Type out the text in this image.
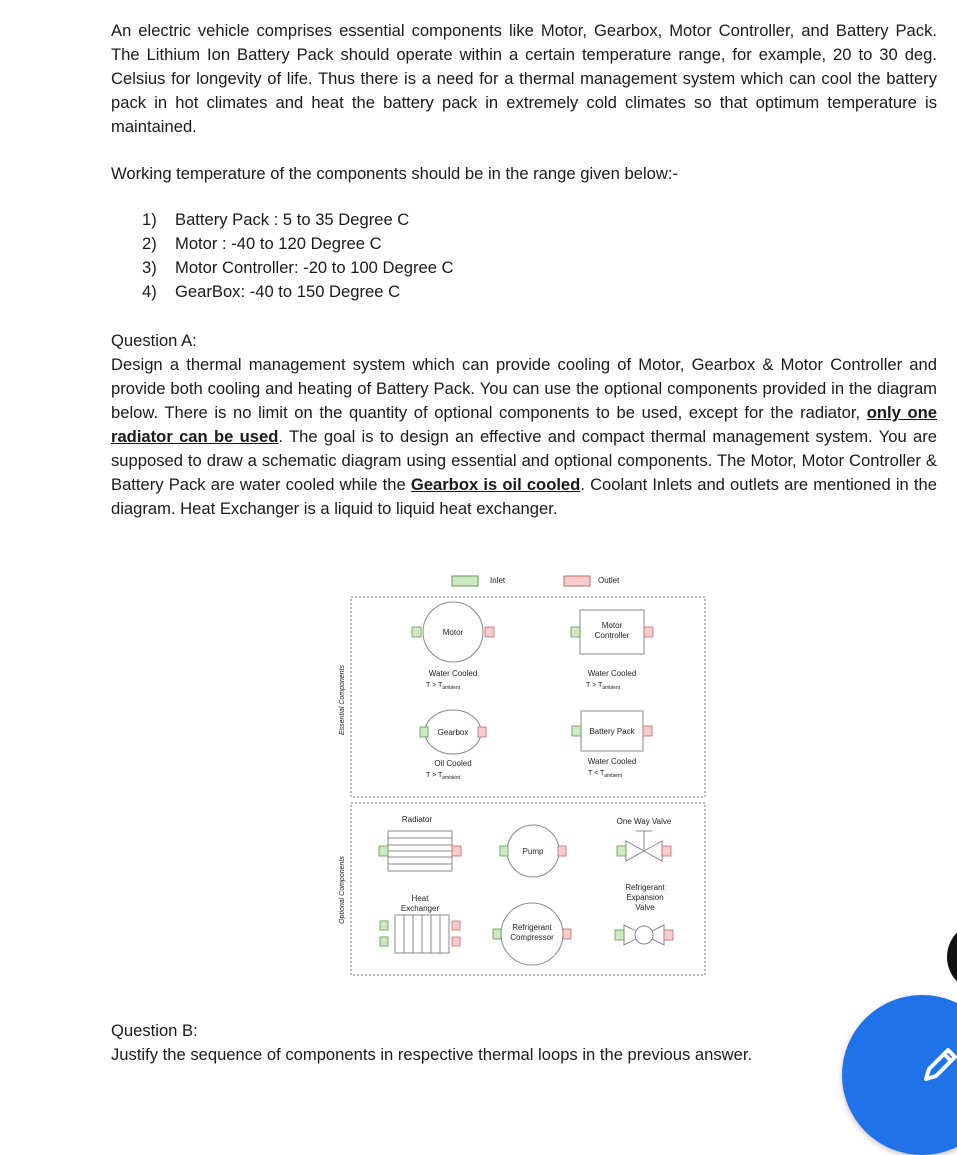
An electric vehicle comprises essential components like Motor, Gearbox, Motor Controller, and Battery Pack. The Lithium Ion Battery Pack should operate within a certain temperature range, for example, 20 to 30 deg. Celsius for longevity of life. Thus there is a need for a thermal management system which can cool the battery pack in hot climates and heat the battery pack in extremely cold climates so that optimum temperature is maintained.

Working temperature of the components should be in the range given below:-

1)	Battery Pack : 5 to 35 Degree C
2)	Motor : -40 to 120 Degree C
3)	Motor Controller: -20 to 100 Degree C
4)	GearBox: -40 to 150 Degree C

Question A:

Design a thermal management system which can provide cooling of Motor, Gearbox & Motor Controller and provide both cooling and heating of Battery Pack. You can use the optional components provided in the diagram below. There is no limit on the quantity of optional components to be used, except for the radiator, only one radiator can be used. The goal is to design an effective and compact thermal management system. You are supposed to draw a schematic diagram using essential and optional components. The Motor, Motor Controller & Battery Pack are water cooled while the Gearbox is oil cooled. Coolant Inlets and outlets are mentioned in the diagram. Heat Exchanger is a liquid to liquid heat exchanger.

Inlet	Outlet
Essential Components
Motor
Water Cooled
$T > T_{ambient}$
Motor
Controller
Water Cooled
$T > T_{ambient}$
Gearbox
Oil Cooled
$T > T_{ambient}$
Battery Pack
Water Cooled
$T < T_{ambient}$
Optional Components
Radiator
Pump
One Way Valve
Heat
Exchanger
Refrigerant
Compressor
Refrigerant
Expansion
Valve

Question B:

Justify the sequence of components in respective thermal loops in the previous answer.
